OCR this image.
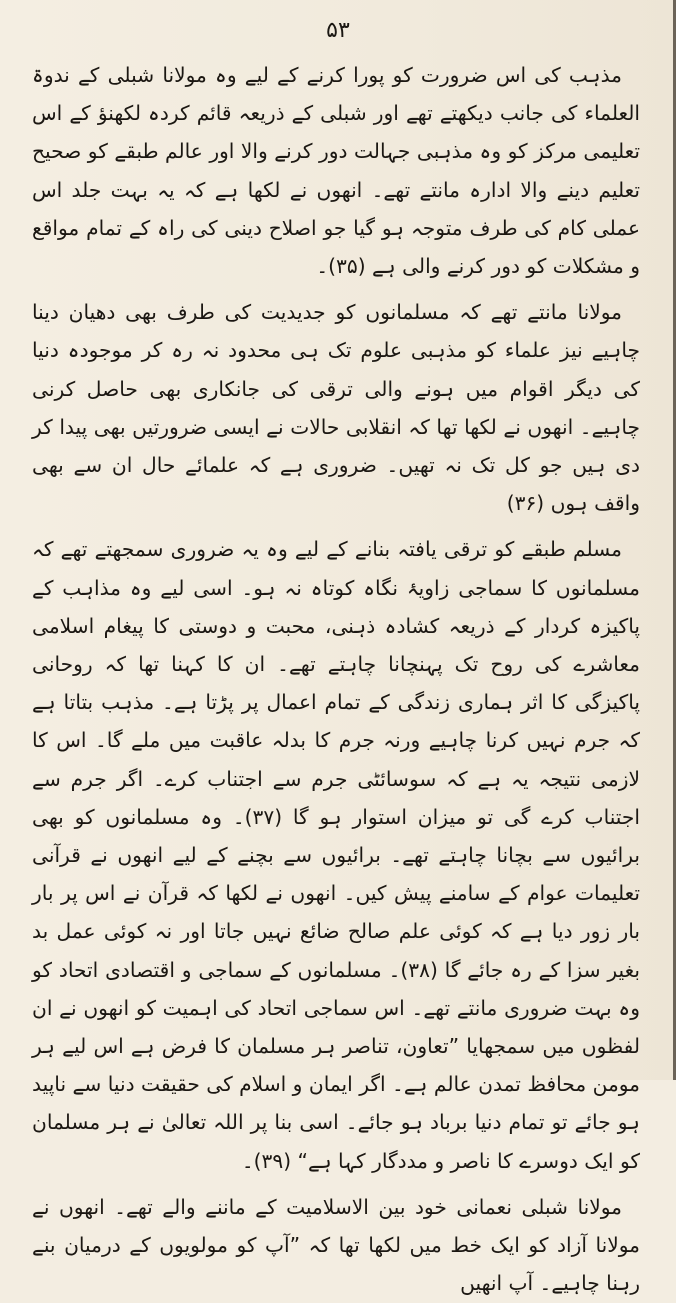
۵۳

مذہب کی اس ضرورت کو پورا کرنے کے لیے وہ مولانا شبلی کے ندوۃ العلماء کی جانب دیکھتے تھے اور شبلی کے ذریعہ قائم کردہ لکھنؤ کے اس تعلیمی مرکز کو وہ مذہبی جہالت دور کرنے والا اور عالم طبقے کو صحیح تعلیم دینے والا ادارہ مانتے تھے۔ انھوں نے لکھا ہے کہ یہ بہت جلد اس عملی کام کی طرف متوجہ ہو گیا جو اصلاح دینی کی راہ کے تمام مواقع و مشکلات کو دور کرنے والی ہے (۳۵)۔

مولانا مانتے تھے کہ مسلمانوں کو جدیدیت کی طرف بھی دھیان دینا چاہیے نیز علماء کو مذہبی علوم تک ہی محدود نہ رہ کر موجودہ دنیا کی دیگر اقوام میں ہونے والی ترقی کی جانکاری بھی حاصل کرنی چاہیے۔ انھوں نے لکھا تھا کہ انقلابی حالات نے ایسی ضرورتیں بھی پیدا کر دی ہیں جو کل تک نہ تھیں۔ ضروری ہے کہ علمائے حال ان سے بھی واقف ہوں (۳۶)

مسلم طبقے کو ترقی یافتہ بنانے کے لیے وہ یہ ضروری سمجھتے تھے کہ مسلمانوں کا سماجی زاویۂ نگاہ کوتاہ نہ ہو۔ اسی لیے وہ مذاہب کے پاکیزہ کردار کے ذریعہ کشادہ ذہنی، محبت و دوستی کا پیغام اسلامی معاشرے کی روح تک پہنچانا چاہتے تھے۔ ان کا کہنا تھا کہ روحانی پاکیزگی کا اثر ہماری زندگی کے تمام اعمال پر پڑتا ہے۔ مذہب بتاتا ہے کہ جرم نہیں کرنا چاہیے ورنہ جرم کا بدلہ عاقبت میں ملے گا۔ اس کا لازمی نتیجہ یہ ہے کہ سوسائٹی جرم سے اجتناب کرے۔ اگر جرم سے اجتناب کرے گی تو میزان استوار ہو گا (۳۷)۔ وہ مسلمانوں کو بھی برائیوں سے بچانا چاہتے تھے۔ برائیوں سے بچنے کے لیے انھوں نے قرآنی تعلیمات عوام کے سامنے پیش کیں۔ انھوں نے لکھا کہ قرآن نے اس پر بار بار زور دیا ہے کہ کوئی علم صالح ضائع نہیں جاتا اور نہ کوئی عمل بد بغیر سزا کے رہ جائے گا (۳۸)۔ مسلمانوں کے سماجی و اقتصادی اتحاد کو وہ بہت ضروری مانتے تھے۔ اس سماجی اتحاد کی اہمیت کو انھوں نے ان لفظوں میں سمجھایا ”تعاون، تناصر ہر مسلمان کا فرض ہے اس لیے ہر مومن محافظ تمدن عالم ہے۔ اگر ایمان و اسلام کی حقیقت دنیا سے ناپید ہو جائے تو تمام دنیا برباد ہو جائے۔ اسی بنا پر اللہ تعالیٰ نے ہر مسلمان کو ایک دوسرے کا ناصر و مددگار کہا ہے“ (۳۹)۔

مولانا شبلی نعمانی خود بین الاسلامیت کے ماننے والے تھے۔ انھوں نے مولانا آزاد کو ایک خط میں لکھا تھا کہ ”آپ کو مولویوں کے درمیان بنے رہنا چاہیے۔ آپ انھیں
